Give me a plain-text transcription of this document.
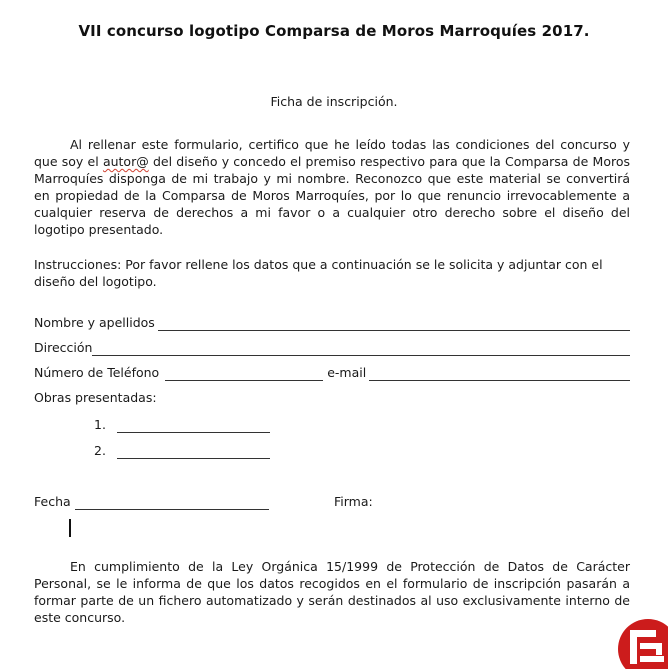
VII concurso logotipo Comparsa de Moros Marroquíes 2017.
Ficha de inscripción.
Al rellenar este formulario, certifico que he leído todas las condiciones del concurso y que soy el autor@ del diseño y concedo el premiso respectivo para que la Comparsa de Moros Marroquíes disponga de mi trabajo y mi nombre. Reconozco que este material se convertirá en propiedad de la Comparsa de Moros Marroquíes, por lo que renuncio irrevocablemente a cualquier reserva de derechos a mi favor o a cualquier otro derecho sobre el diseño del logotipo presentado.
Instrucciones: Por favor rellene los datos que a continuación se le solicita y adjuntar con el diseño del logotipo.
Nombre y apellidos
Dirección
Número de Teléfono	e-mail
Obras presentadas:
1.
2.
Fecha	Firma:
En cumplimiento de la Ley Orgánica 15/1999 de Protección de Datos de Carácter Personal, se le informa de que los datos recogidos en el formulario de inscripción pasarán a formar parte de un fichero automatizado y serán destinados al uso exclusivamente interno de este concurso.
